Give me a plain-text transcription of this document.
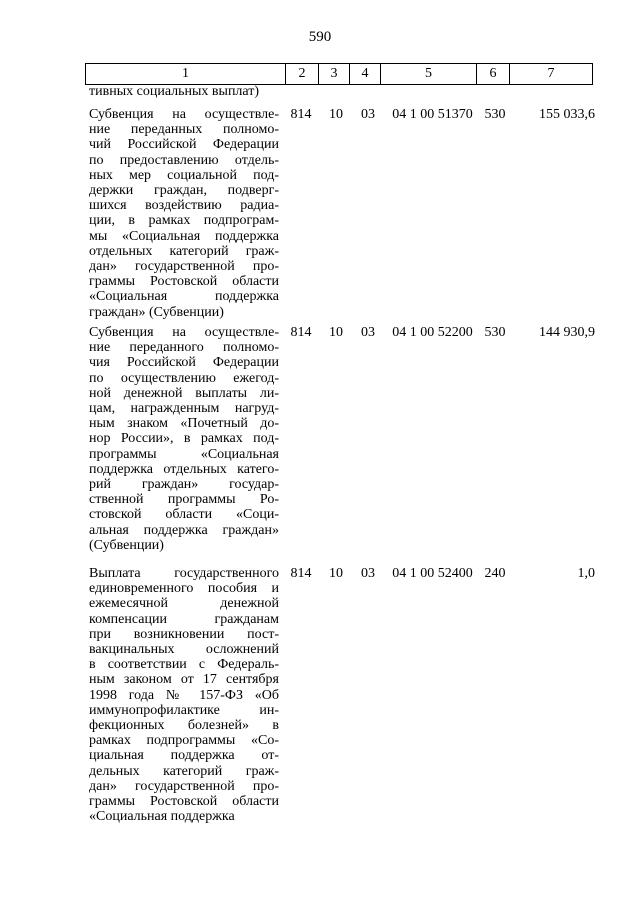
590
1	2	3	4	5	6	7
тивных социальных выплат)
Субвенция на осуществле-
ние переданных полномо-
чий Российской Федерации
по предоставлению отдель-
ных мер социальной под-
держки граждан, подверг-
шихся воздействию радиа-
ции, в рамках подпрограм-
мы «Социальная поддержка
отдельных категорий граж-
дан» государственной про-
граммы Ростовской области
«Социальная поддержка
граждан» (Субвенции)
814	10	03	04 1 00 51370 530	155 033,6
Субвенция на осуществле-
ние переданного полномо-
чия Российской Федерации
по осуществлению ежегод-
ной денежной выплаты ли-
цам, награжденным нагруд-
ным знаком «Почетный до-
нор России», в рамках под-
программы «Социальная
поддержка отдельных катего-
рий граждан» государ-
ственной программы Ро-
стовской области «Соци-
альная поддержка граждан»
(Субвенции)
814	10	03	04 1 00 52200 530	144 930,9
Выплата государственного
единовременного пособия и
ежемесячной денежной
компенсации гражданам
при возникновении пост-
вакцинальных осложнений
в соответствии с Федераль-
ным законом от 17 сентября
1998 года № 157-ФЗ «Об
иммунопрофилактике ин-
фекционных болезней» в
рамках подпрограммы «Со-
циальная поддержка от-
дельных категорий граж-
дан» государственной про-
граммы Ростовской области
«Социальная поддержка
814	10	03	04 1 00 52400 240	1,0
